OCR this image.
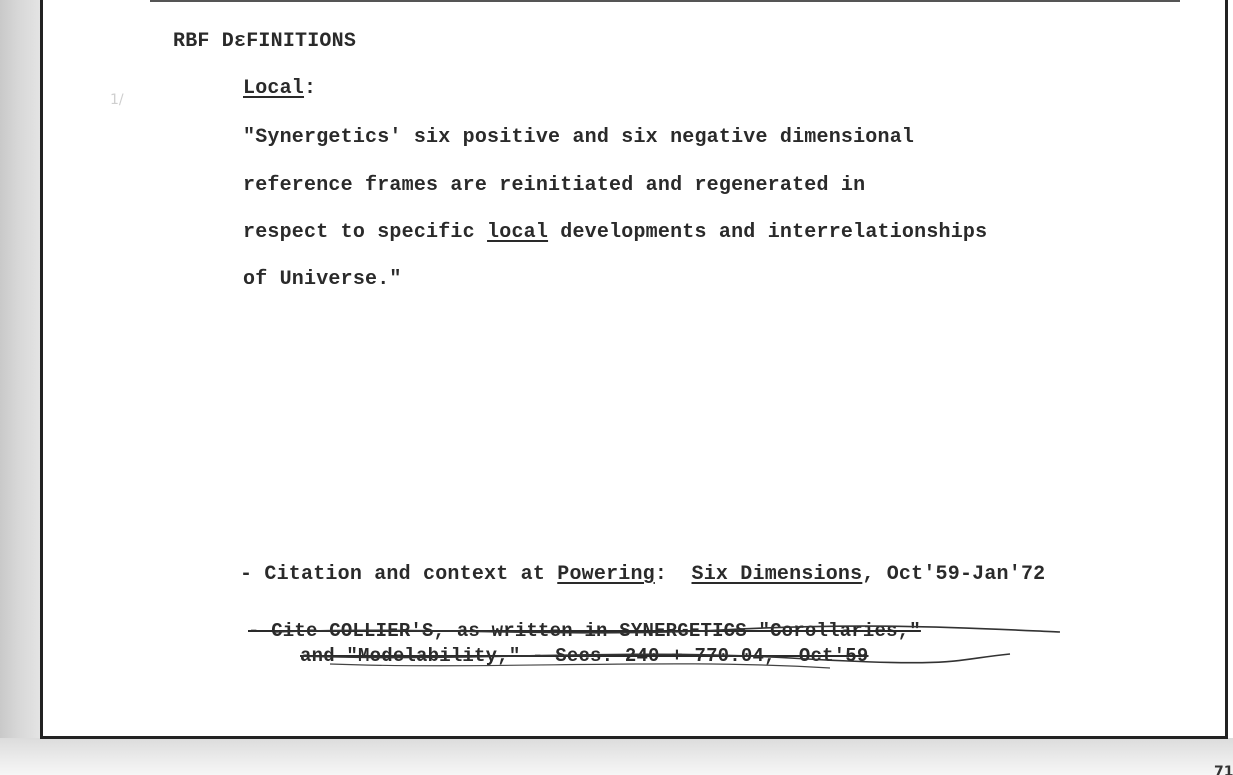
1/
RBF DεFINITIONS
Local:
"Synergetics' six positive and six negative dimensional
reference frames are reinitiated and regenerated in
respect to specific local developments and interrelationships
of Universe."
- Citation and context at Powering:  Six Dimensions, Oct'59-Jan'72
- Cite COLLIER'S, as written in SYNERGETICS "Corollaries,"
and "Modelability," - Secs. 240 + 770.04,  Oct'59
71
